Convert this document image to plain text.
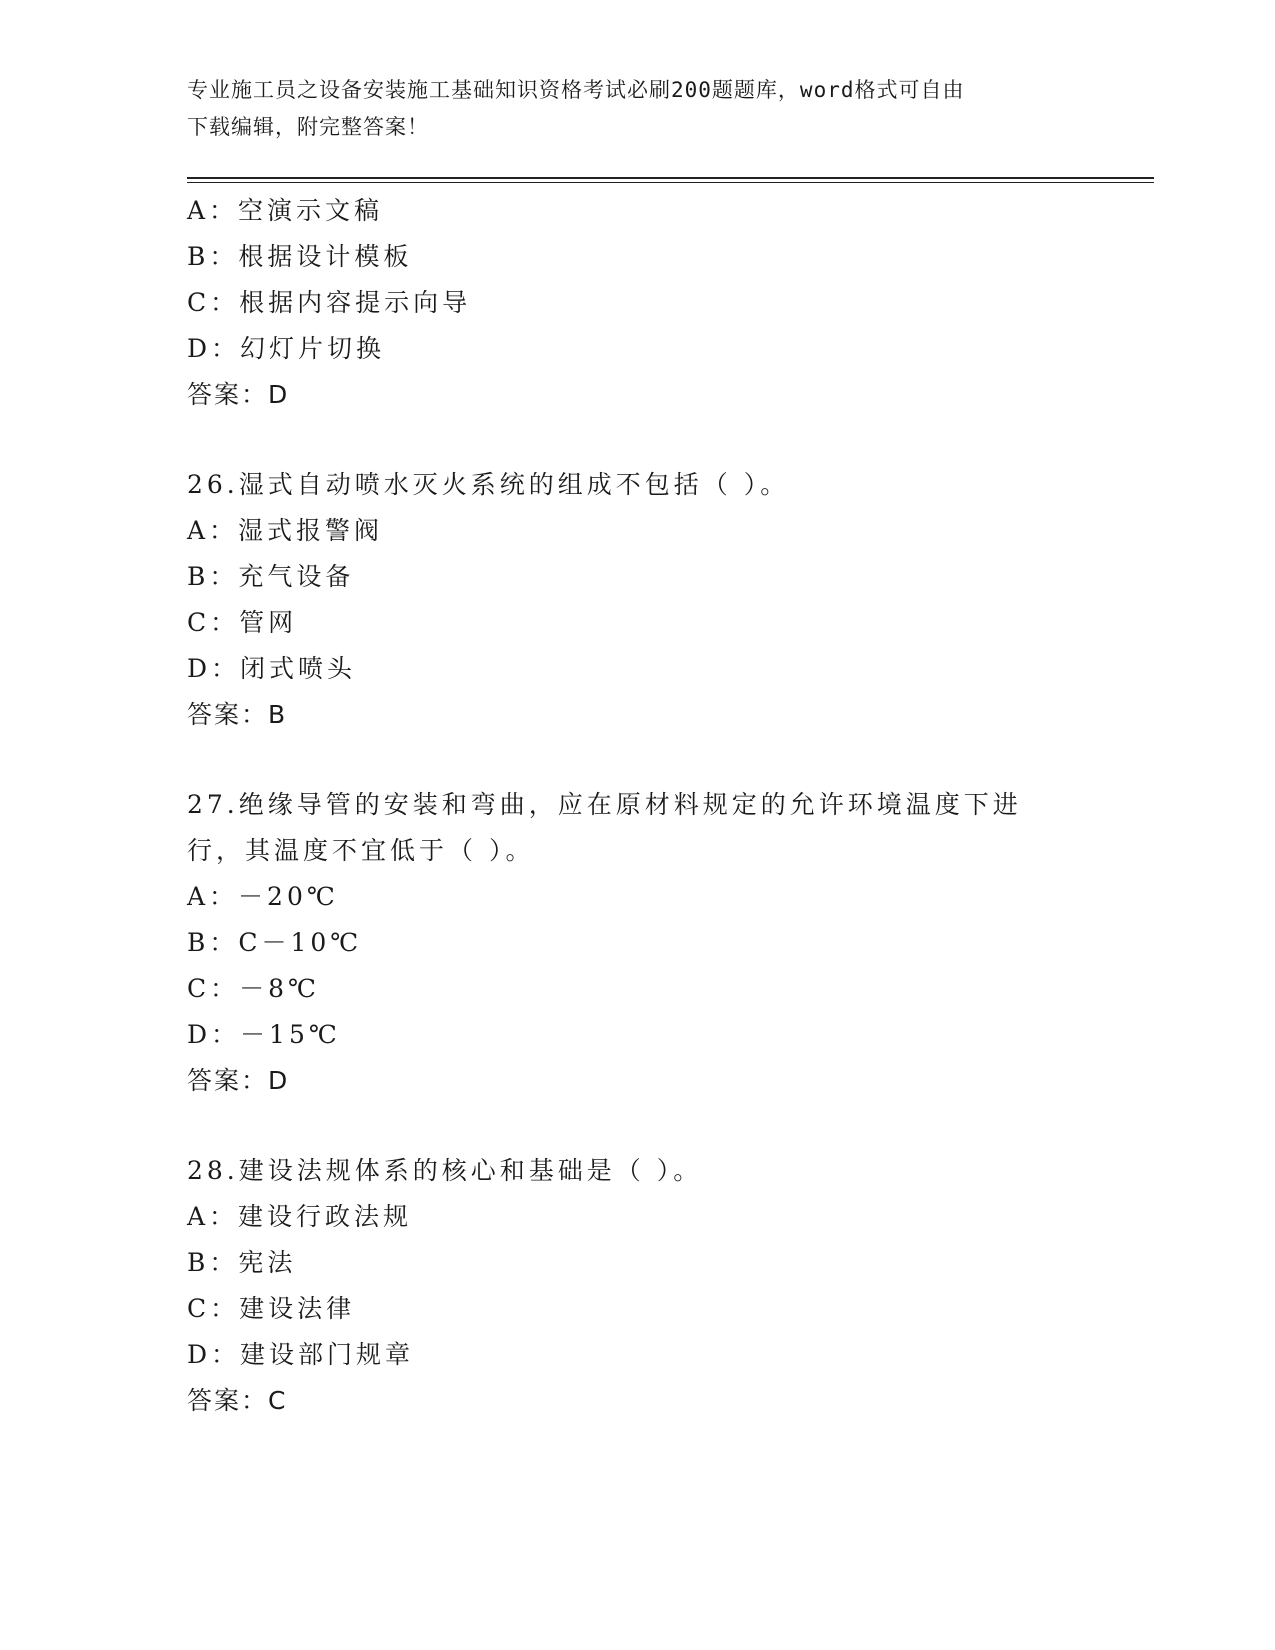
专业施工员之设备安装施工基础知识资格考试必刷200题题库，word格式可自由
下载编辑，附完整答案！
A：空演示文稿
B：根据设计模板
C：根据内容提示向导
D：幻灯片切换
答案：D
26.湿式自动喷水灭火系统的组成不包括（ ）。
A：湿式报警阀
B：充气设备
C：管网
D：闭式喷头
答案：B
27.绝缘导管的安装和弯曲，应在原材料规定的允许环境温度下进行，其温度不宜低于（ ）。
A：－20℃
B：C－10℃
C：－8℃
D：－15℃
答案：D
28.建设法规体系的核心和基础是（ ）。
A：建设行政法规
B：宪法
C：建设法律
D：建设部门规章
答案：C
